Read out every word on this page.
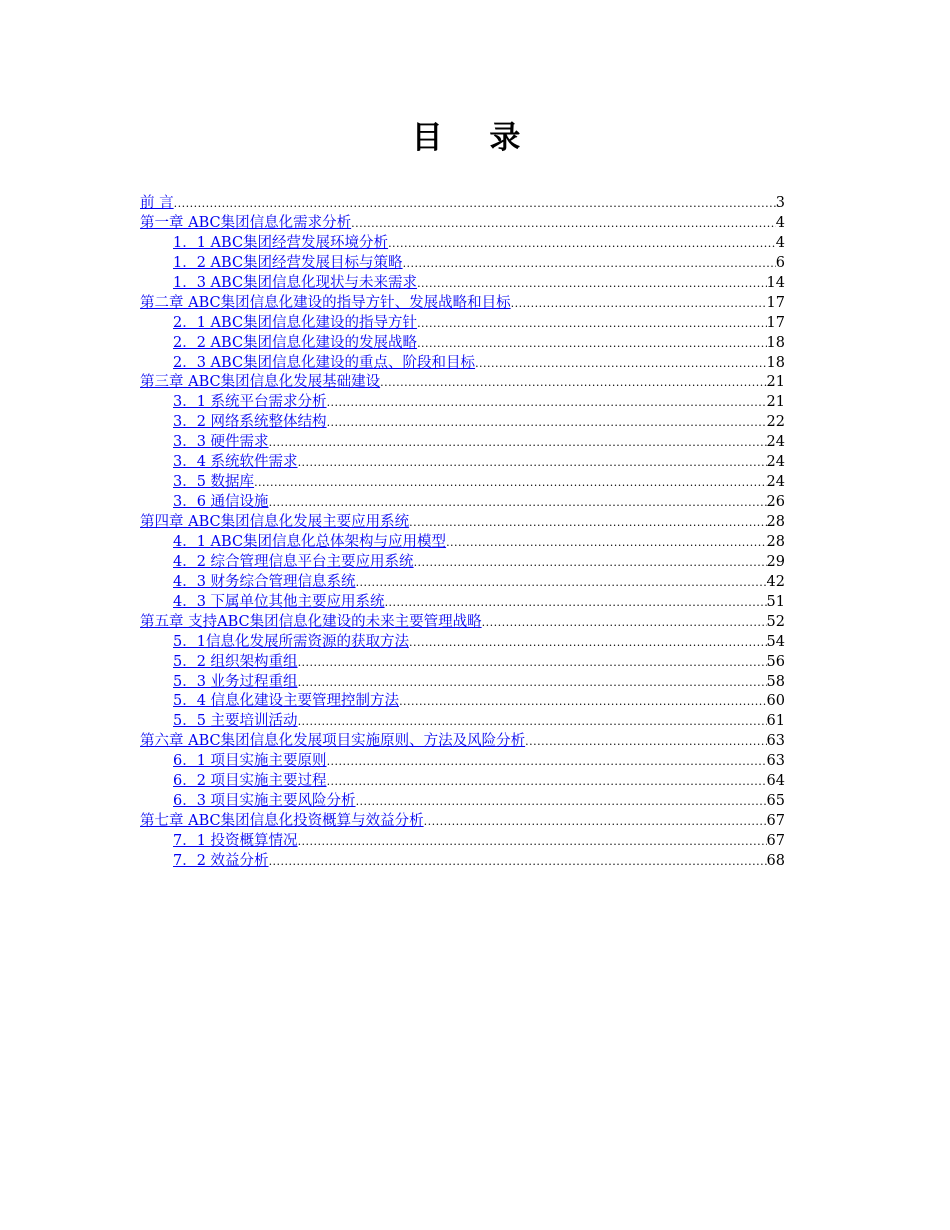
目 录
前 言 .....	3
第一章 ABC集团信息化需求分析 .....	4
1．1 ABC集团经营发展环境分析 .....	4
1．2 ABC集团经营发展目标与策略 .....	6
1．3 ABC集团信息化现状与未来需求 .....	14
第二章 ABC集团信息化建设的指导方针、发展战略和目标 .....	17
2．1 ABC集团信息化建设的指导方针 .....	17
2．2 ABC集团信息化建设的发展战略 .....	18
2．3 ABC集团信息化建设的重点、阶段和目标 .....	18
第三章 ABC集团信息化发展基础建设 .....	21
3．1 系统平台需求分析 .....	21
3．2 网络系统整体结构 .....	22
3．3 硬件需求 .....	24
3．4 系统软件需求 .....	24
3．5 数据库 .....	24
3．6 通信设施 .....	26
第四章 ABC集团信息化发展主要应用系统 .....	28
4．1 ABC集团信息化总体架构与应用模型 .....	28
4．2 综合管理信息平台主要应用系统 .....	29
4．3 财务综合管理信息系统 .....	42
4．3 下属单位其他主要应用系统 .....	51
第五章 支持ABC集团信息化建设的未来主要管理战略 .....	52
5．1信息化发展所需资源的获取方法 .....	54
5．2 组织架构重组 .....	56
5．3 业务过程重组 .....	58
5．4 信息化建设主要管理控制方法 .....	60
5．5 主要培训活动 .....	61
第六章 ABC集团信息化发展项目实施原则、方法及风险分析 .....	63
6．1 项目实施主要原则 .....	63
6．2 项目实施主要过程 .....	64
6．3 项目实施主要风险分析 .....	65
第七章 ABC集团信息化投资概算与效益分析 .....	67
7．1 投资概算情况 .....	67
7．2 效益分析 .....	68
